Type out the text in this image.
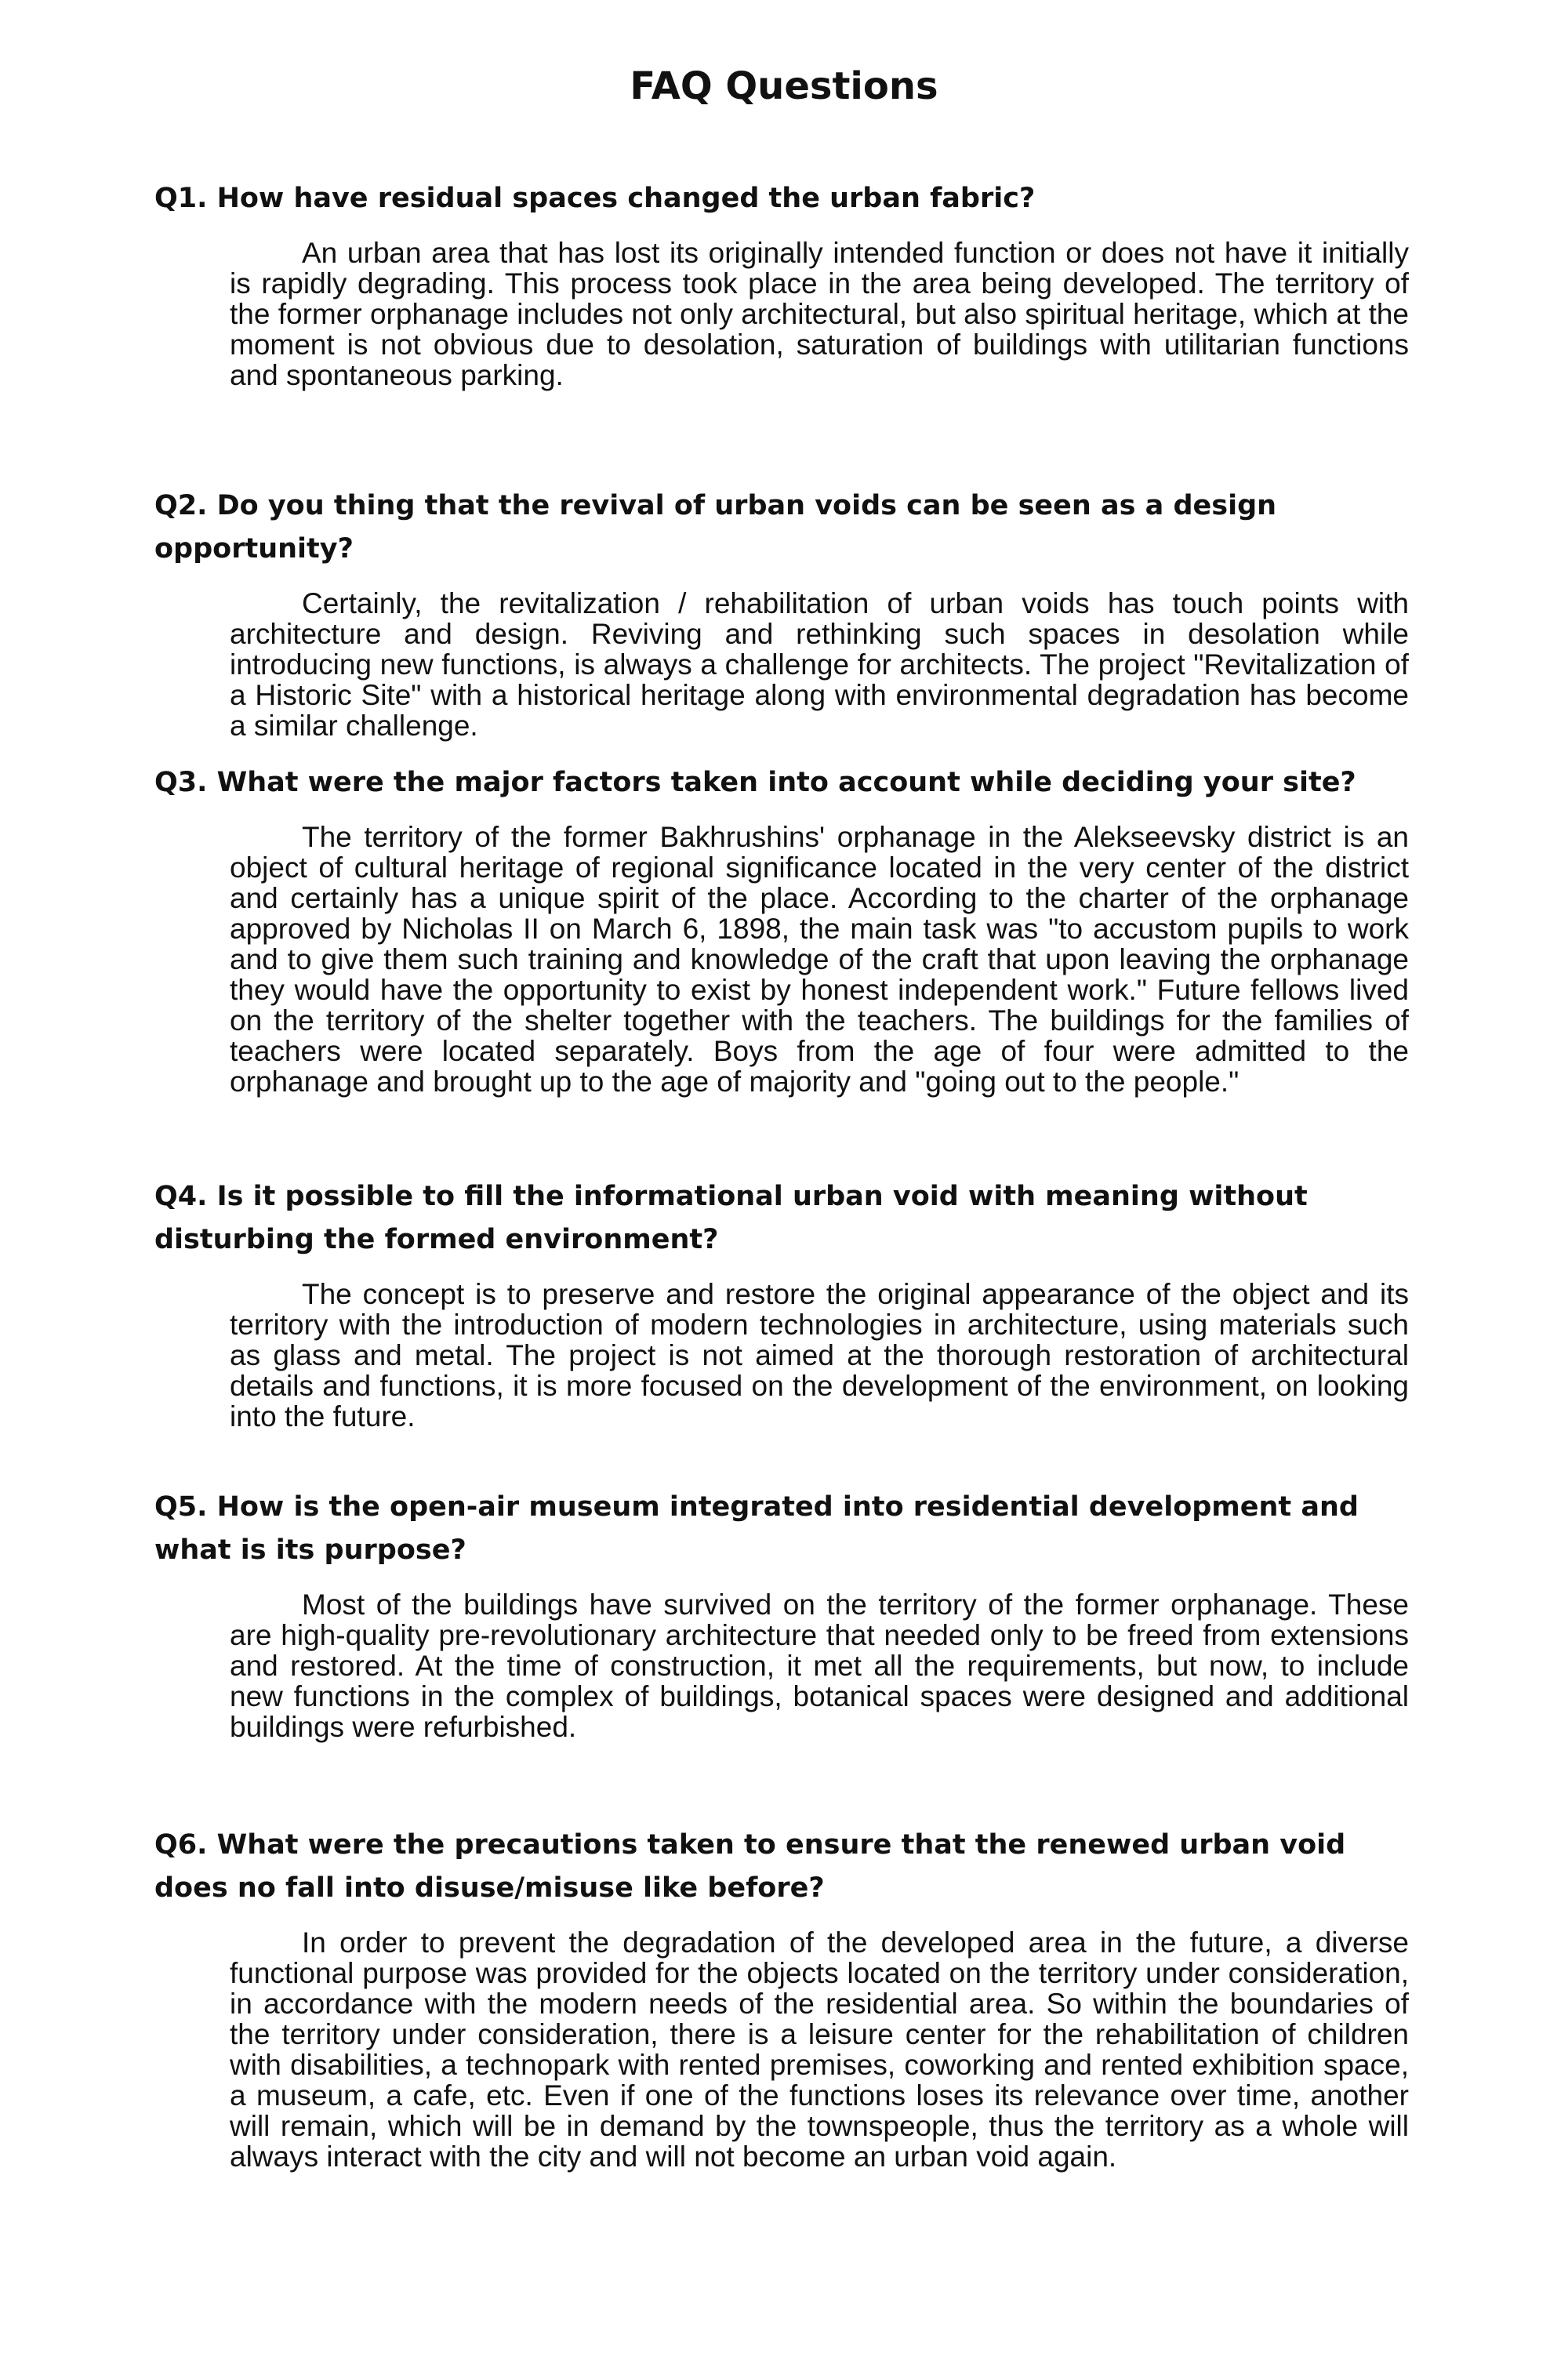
FAQ Questions
Q1. How have residual spaces changed the urban fabric?

An urban area that has lost its originally intended function or does not have it initially is rapidly degrading. This process took place in the area being developed. The territory of the former orphanage includes not only architectural, but also spiritual heritage, which at the moment is not obvious due to desolation, saturation of buildings with utilitarian functions and spontaneous parking.

Q2. Do you thing that the revival of urban voids can be seen as a design opportunity?

Certainly, the revitalization / rehabilitation of urban voids has touch points with architecture and design. Reviving and rethinking such spaces in desolation while introducing new functions, is always a challenge for architects. The project "Revitalization of a Historic Site" with a historical heritage along with environmental degradation has become a similar challenge.

Q3. What were the major factors taken into account while deciding your site?

The territory of the former Bakhrushins' orphanage in the Alekseevsky district is an object of cultural heritage of regional significance located in the very center of the district and certainly has a unique spirit of the place. According to the charter of the orphanage approved by Nicholas II on March 6, 1898, the main task was "to accustom pupils to work and to give them such training and knowledge of the craft that upon leaving the orphanage they would have the opportunity to exist by honest independent work." Future fellows lived on the territory of the shelter together with the teachers. The buildings for the families of teachers were located separately. Boys from the age of four were admitted to the orphanage and brought up to the age of majority and "going out to the people."

Q4. Is it possible to fill the informational urban void with meaning without disturbing the formed environment?

The concept is to preserve and restore the original appearance of the object and its territory with the introduction of modern technologies in architecture, using materials such as glass and metal. The project is not aimed at the thorough restoration of architectural details and functions, it is more focused on the development of the environment, on looking into the future.

Q5. How is the open-air museum integrated into residential development and what is its purpose?

Most of the buildings have survived on the territory of the former orphanage. These are high-quality pre-revolutionary architecture that needed only to be freed from extensions and restored. At the time of construction, it met all the requirements, but now, to include new functions in the complex of buildings, botanical spaces were designed and additional buildings were refurbished.

Q6. What were the precautions taken to ensure that the renewed urban void does no fall into disuse/misuse like before?

In order to prevent the degradation of the developed area in the future, a diverse functional purpose was provided for the objects located on the territory under consideration, in accordance with the modern needs of the residential area. So within the boundaries of the territory under consideration, there is a leisure center for the rehabilitation of children with disabilities, a technopark with rented premises, coworking and rented exhibition space, a museum, a cafe, etc. Even if one of the functions loses its relevance over time, another will remain, which will be in demand by the townspeople, thus the territory as a whole will always interact with the city and will not become an urban void again.
